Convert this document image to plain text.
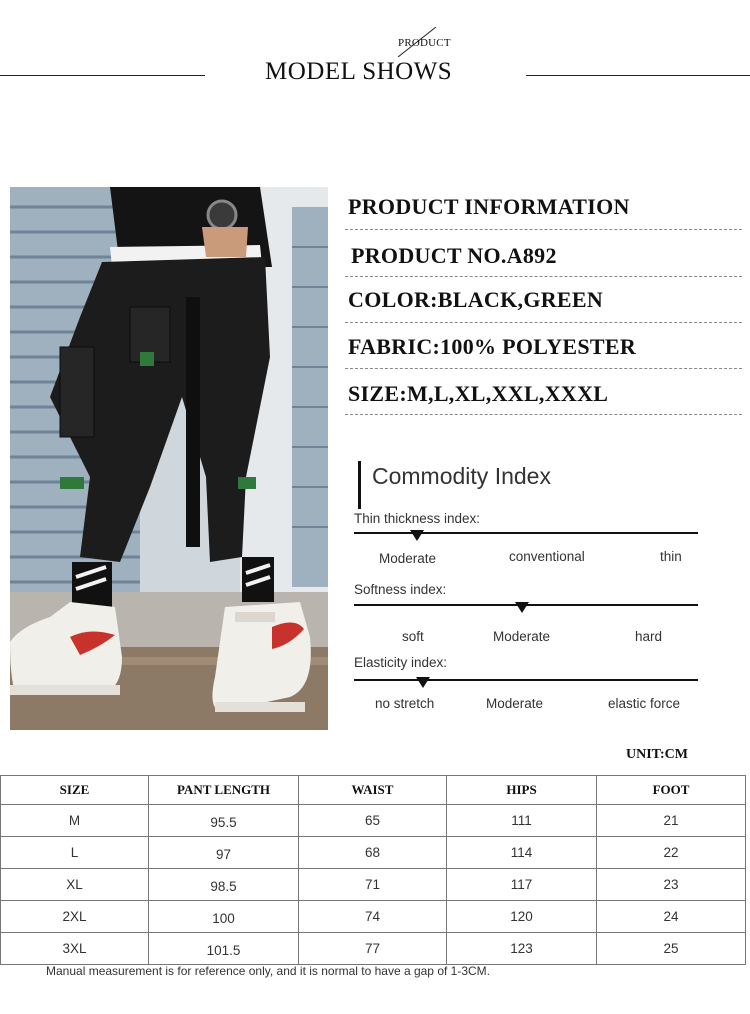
PRODUCT
MODEL SHOWS
PRODUCT INFORMATION
PRODUCT NO.A892
COLOR:BLACK,GREEN
FABRIC:100% POLYESTER
SIZE:M,L,XL,XXL,XXXL
Commodity Index
Thin thickness index:
Moderate	conventional	thin
Softness index:
soft	Moderate	hard
Elasticity index:
no stretch	Moderate	elastic force
UNIT:CM
SIZE	PANT LENGTH	WAIST	HIPS	FOOT
M	95.5	65	111	21
L	97	68	114	22
XL	98.5	71	117	23
2XL	100	74	120	24
3XL	101.5	77	123	25
Manual measurement is for reference only, and it is normal to have a gap of 1-3CM.
